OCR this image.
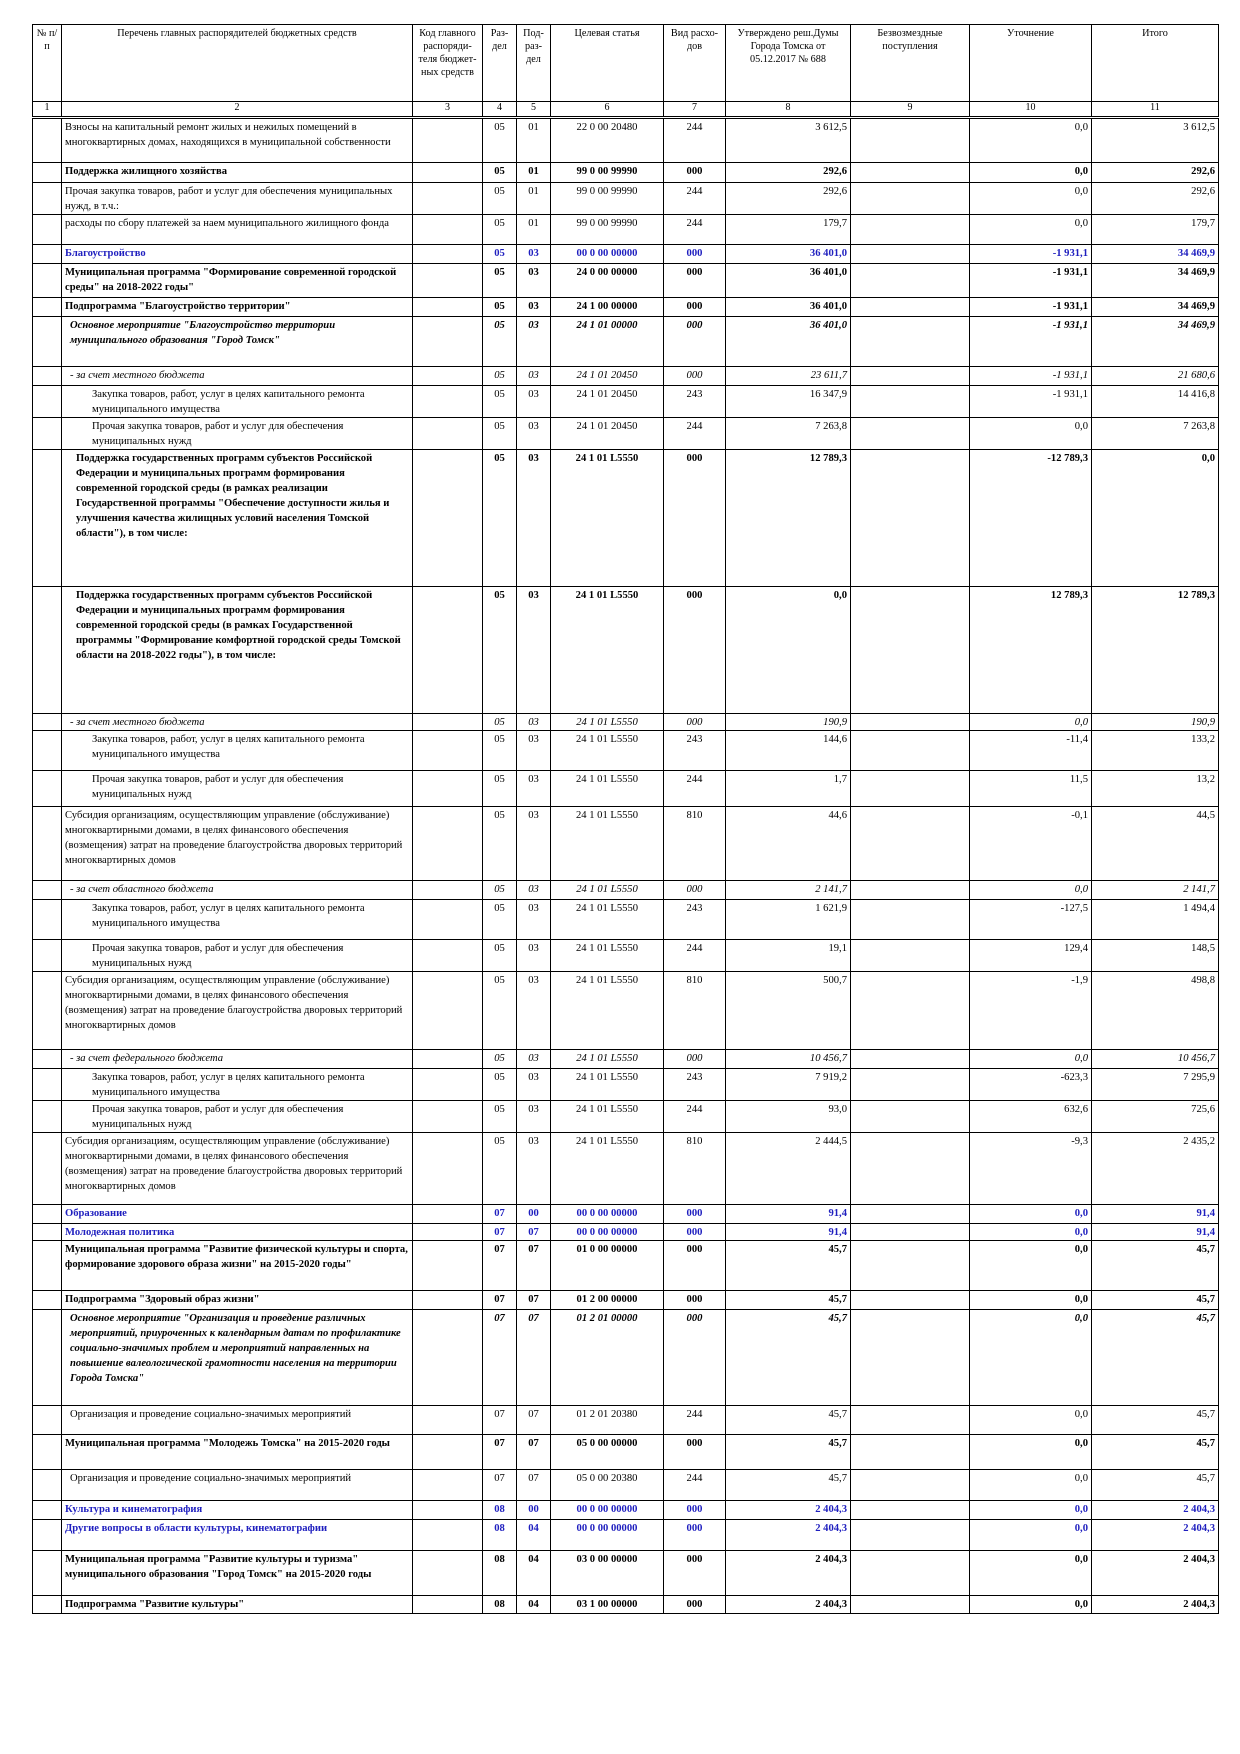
№ п/п	Перечень главных распорядителей бюджетных средств	Код главного распоряди-теля бюджет-ных средств	Раз-дел	Под-раз-дел	Целевая статья	Вид расхо-дов	Утверждено реш.Думы Города Томска от 05.12.2017 № 688	Безвозмездные поступления	Уточнение	Итого
1	2	3	4	5	6	7	8	9	10	11
	Взносы на капитальный ремонт жилых и нежилых помещений в многоквартирных домах, находящихся в муниципальной собственности		05	01	22 0 00 20480	244	3 612,5		0,0	3 612,5
	Поддержка жилищного хозяйства		05	01	99 0 00 99990	000	292,6		0,0	292,6
	Прочая закупка товаров, работ и услуг для обеспечения муниципальных нужд, в т.ч.:		05	01	99 0 00 99990	244	292,6		0,0	292,6
	расходы по сбору платежей за наем муниципального жилищного фонда		05	01	99 0 00 99990	244	179,7		0,0	179,7
	Благоустройство		05	03	00 0 00 00000	000	36 401,0		-1 931,1	34 469,9
	Муниципальная программа "Формирование современной городской среды" на 2018-2022 годы"		05	03	24 0 00 00000	000	36 401,0		-1 931,1	34 469,9
	Подпрограмма "Благоустройство территории"		05	03	24 1 00 00000	000	36 401,0		-1 931,1	34 469,9
	Основное мероприятие "Благоустройство территории муниципального образования "Город Томск"		05	03	24 1 01 00000	000	36 401,0		-1 931,1	34 469,9
	- за счет местного бюджета		05	03	24 1 01 20450	000	23 611,7		-1 931,1	21 680,6
	Закупка товаров, работ, услуг в целях капитального ремонта муниципального имущества		05	03	24 1 01 20450	243	16 347,9		-1 931,1	14 416,8
	Прочая закупка товаров, работ и услуг для обеспечения муниципальных нужд		05	03	24 1 01 20450	244	7 263,8		0,0	7 263,8
	Поддержка государственных программ субъектов Российской Федерации и муниципальных программ формирования современной городской среды (в рамках реализации Государственной программы "Обеспечение доступности жилья и улучшения качества жилищных условий населения Томской области"), в том числе:		05	03	24 1 01 L5550	000	12 789,3		-12 789,3	0,0
	Поддержка государственных программ субъектов Российской Федерации и муниципальных программ формирования современной городской среды (в рамках Государственной программы "Формирование комфортной городской среды Томской области на 2018-2022 годы"), в том числе:		05	03	24 1 01 L5550	000	0,0		12 789,3	12 789,3
	- за счет местного бюджета		05	03	24 1 01 L5550	000	190,9		0,0	190,9
	Закупка товаров, работ, услуг в целях капитального ремонта муниципального имущества		05	03	24 1 01 L5550	243	144,6		-11,4	133,2
	Прочая закупка товаров, работ и услуг для обеспечения муниципальных нужд		05	03	24 1 01 L5550	244	1,7		11,5	13,2
	Субсидия организациям, осуществляющим управление (обслуживание) многоквартирными домами, в целях финансового обеспечения (возмещения) затрат на проведение благоустройства дворовых территорий многоквартирных домов		05	03	24 1 01 L5550	810	44,6		-0,1	44,5
	- за счет областного бюджета		05	03	24 1 01 L5550	000	2 141,7		0,0	2 141,7
	Закупка товаров, работ, услуг в целях капитального ремонта муниципального имущества		05	03	24 1 01 L5550	243	1 621,9		-127,5	1 494,4
	Прочая закупка товаров, работ и услуг для обеспечения муниципальных нужд		05	03	24 1 01 L5550	244	19,1		129,4	148,5
	Субсидия организациям, осуществляющим управление (обслуживание) многоквартирными домами, в целях финансового обеспечения (возмещения) затрат на проведение благоустройства дворовых территорий многоквартирных домов		05	03	24 1 01 L5550	810	500,7		-1,9	498,8
	- за счет федерального бюджета		05	03	24 1 01 L5550	000	10 456,7		0,0	10 456,7
	Закупка товаров, работ, услуг в целях капитального ремонта муниципального имущества		05	03	24 1 01 L5550	243	7 919,2		-623,3	7 295,9
	Прочая закупка товаров, работ и услуг для обеспечения муниципальных нужд		05	03	24 1 01 L5550	244	93,0		632,6	725,6
	Субсидия организациям, осуществляющим управление (обслуживание) многоквартирными домами, в целях финансового обеспечения (возмещения) затрат на проведение благоустройства дворовых территорий многоквартирных домов		05	03	24 1 01 L5550	810	2 444,5		-9,3	2 435,2
	Образование		07	00	00 0 00 00000	000	91,4		0,0	91,4
	Молодежная политика		07	07	00 0 00 00000	000	91,4		0,0	91,4
	Муниципальная программа "Развитие физической культуры и спорта, формирование здорового образа жизни" на 2015-2020 годы"		07	07	01 0 00 00000	000	45,7		0,0	45,7
	Подпрограмма "Здоровый образ жизни"		07	07	01 2 00 00000	000	45,7		0,0	45,7
	Основное мероприятие "Организация и проведение различных мероприятий, приуроченных к календарным датам по профилактике социально-значимых проблем и мероприятий направленных на повышение валеологической грамотности населения на территории Города Томска"		07	07	01 2 01 00000	000	45,7		0,0	45,7
	Организация и проведение социально-значимых мероприятий		07	07	01 2 01 20380	244	45,7		0,0	45,7
	Муниципальная программа "Молодежь Томска" на 2015-2020 годы		07	07	05 0 00 00000	000	45,7		0,0	45,7
	Организация и проведение социально-значимых мероприятий		07	07	05 0 00 20380	244	45,7		0,0	45,7
	Культура и кинематография		08	00	00 0 00 00000	000	2 404,3		0,0	2 404,3
	Другие вопросы в области культуры, кинематографии		08	04	00 0 00 00000	000	2 404,3		0,0	2 404,3
	Муниципальная программа "Развитие культуры и туризма" муниципального образования "Город Томск" на 2015-2020 годы		08	04	03 0 00 00000	000	2 404,3		0,0	2 404,3
	Подпрограмма "Развитие культуры"		08	04	03 1 00 00000	000	2 404,3		0,0	2 404,3
